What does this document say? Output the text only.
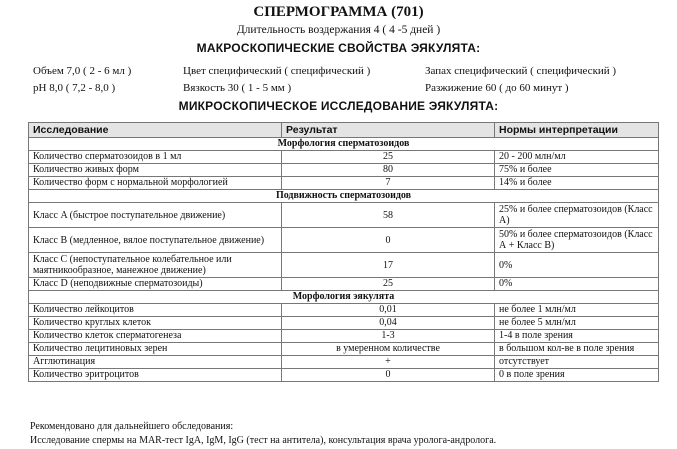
СПЕРМОГРАММА (701)
Длительность воздержания 4 ( 4 -5 дней )
МАКРОСКОПИЧЕСКИЕ СВОЙСТВА ЭЯКУЛЯТА:
Объем 7,0 ( 2 - 6 мл )	Цвет специфический ( специфический )	Запах специфический ( специфический )
pH 8,0 ( 7,2 - 8,0 )	Вязкость 30 ( 1 - 5 мм )	Разжижение 60 ( до 60 минут )
МИКРОСКОПИЧЕСКОЕ ИССЛЕДОВАНИЕ ЭЯКУЛЯТА:
Исследование	Результат	Нормы интерпретации
Морфология сперматозоидов		
Количество сперматозоидов в 1 мл	25	20 - 200 млн/мл
Количество живых форм	80	75% и более
Количество форм с нормальной морфологией	7	14% и более
Подвижность сперматозоидов		
Класс A (быстрое поступательное движение)	58	25% и более сперматозоидов (Класс А)
Класс B (медленное, вялое поступательное движение)	0	50% и более сперматозоидов (Класс А + Класс В)
Класс C (непоступательное колебательное или маятникообразное, манежное движение)	17	0%
Класс D (неподвижные сперматозоиды)	25	0%
Морфология эякулята		
Количество лейкоцитов	0,01	не более 1 млн/мл
Количество круглых клеток	0,04	не более 5 млн/мл
Количество клеток сперматогенеза	1-3	1-4 в поле зрения
Количество лецитиновых зерен	в умеренном количестве	в большом кол-ве в поле зрения
Агглютинация	+	отсутствует
Количество эритроцитов	0	0 в поле зрения
Рекомендовано для дальнейшего обследования:
Исследование спермы на MAR-тест IgA, IgM, IgG (тест на антитела), консультация врача уролога-андролога.
